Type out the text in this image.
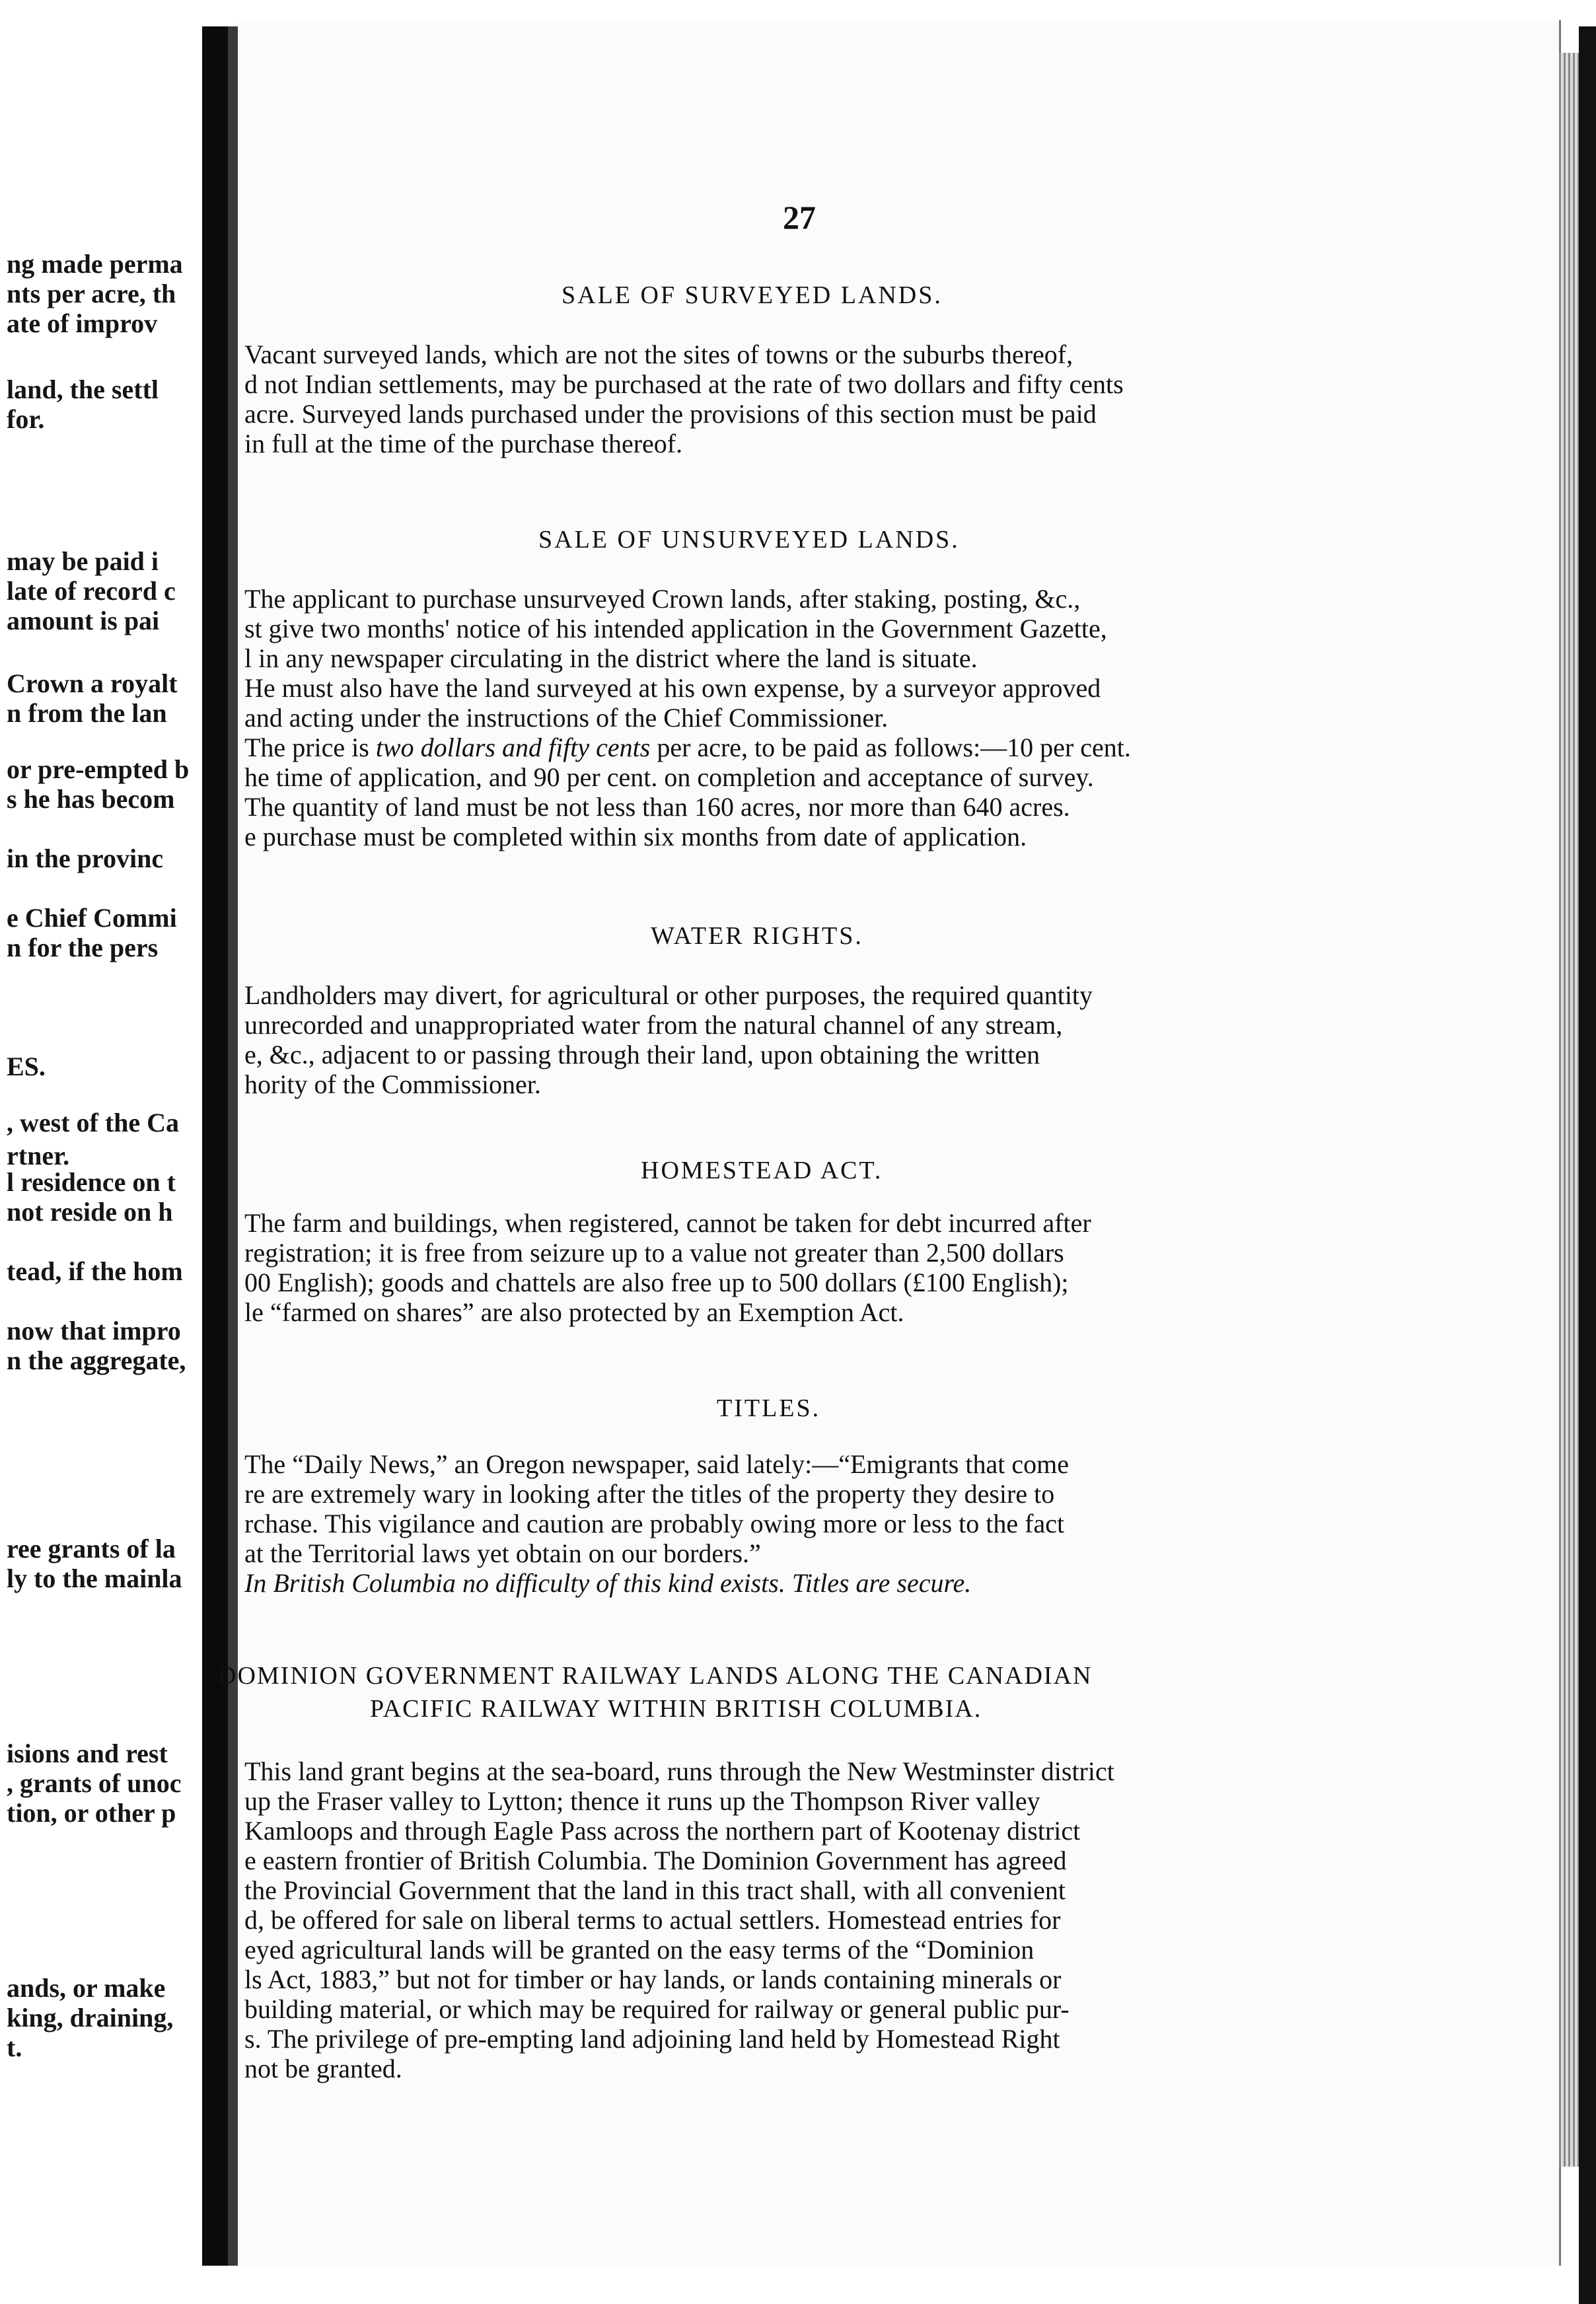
ng made perma
nts per acre, th
ate of improv
land, the settl
for.
may be paid i
late of record c
amount is pai
Crown a royalt
n from the lan
or pre-empted b
s he has becom
in the provinc
e Chief Commi
n for the pers
ES.
, west of the Ca
rtner.
l residence on t
not reside on h
tead, if the hom
now that impro
n the aggregate,
ree grants of la
ly to the mainla
isions and rest
, grants of unoc
tion, or other p
ands, or make
king, draining,
t.
27
SALE OF SURVEYED LANDS.
Vacant surveyed lands, which are not the sites of towns or the suburbs thereof,
d not Indian settlements, may be purchased at the rate of two dollars and fifty cents
acre. Surveyed lands purchased under the provisions of this section must be paid
in full at the time of the purchase thereof.
SALE OF UNSURVEYED LANDS.
The applicant to purchase unsurveyed Crown lands, after staking, posting, &c.,
st give two months' notice of his intended application in the Government Gazette,
l in any newspaper circulating in the district where the land is situate.
He must also have the land surveyed at his own expense, by a surveyor approved
and acting under the instructions of the Chief Commissioner.
The price is two dollars and fifty cents per acre, to be paid as follows:—10 per cent.
he time of application, and 90 per cent. on completion and acceptance of survey.
The quantity of land must be not less than 160 acres, nor more than 640 acres.
e purchase must be completed within six months from date of application.
WATER RIGHTS.
Landholders may divert, for agricultural or other purposes, the required quantity
unrecorded and unappropriated water from the natural channel of any stream,
e, &c., adjacent to or passing through their land, upon obtaining the written
hority of the Commissioner.
HOMESTEAD ACT.
The farm and buildings, when registered, cannot be taken for debt incurred after
registration; it is free from seizure up to a value not greater than 2,500 dollars
00 English); goods and chattels are also free up to 500 dollars (£100 English);
le “farmed on shares” are also protected by an Exemption Act.
TITLES.
The “Daily News,” an Oregon newspaper, said lately:—“Emigrants that come
re are extremely wary in looking after the titles of the property they desire to
rchase. This vigilance and caution are probably owing more or less to the fact
at the Territorial laws yet obtain on our borders.”
In British Columbia no difficulty of this kind exists. Titles are secure.
DOMINION GOVERNMENT RAILWAY LANDS ALONG THE CANADIAN
PACIFIC RAILWAY WITHIN BRITISH COLUMBIA.
This land grant begins at the sea-board, runs through the New Westminster district
up the Fraser valley to Lytton; thence it runs up the Thompson River valley
Kamloops and through Eagle Pass across the northern part of Kootenay district
e eastern frontier of British Columbia. The Dominion Government has agreed
the Provincial Government that the land in this tract shall, with all convenient
d, be offered for sale on liberal terms to actual settlers. Homestead entries for
eyed agricultural lands will be granted on the easy terms of the “Dominion
ls Act, 1883,” but not for timber or hay lands, or lands containing minerals or
building material, or which may be required for railway or general public pur-
s. The privilege of pre-empting land adjoining land held by Homestead Right
not be granted.
